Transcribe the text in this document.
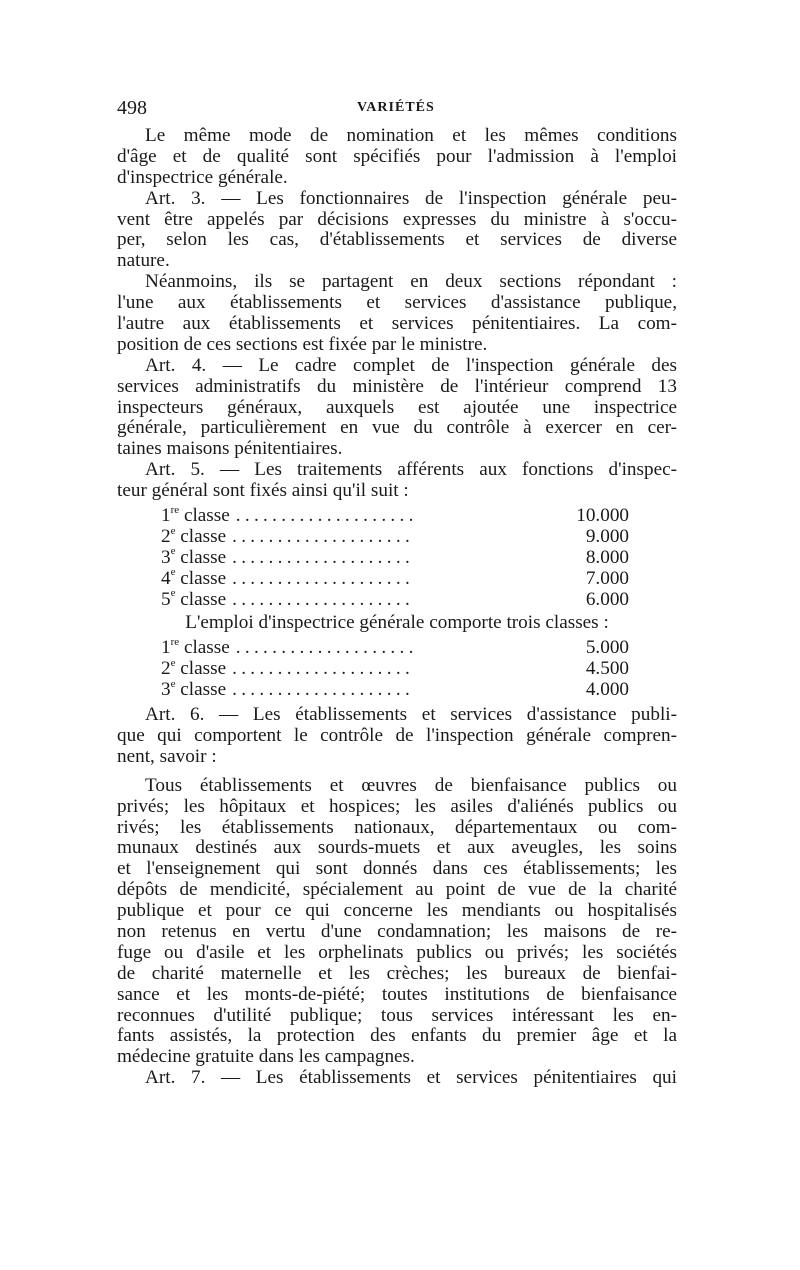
498	VARIÉTÉS
Le même mode de nomination et les mêmes conditions
d'âge et de qualité sont spécifiés pour l'admission à l'emploi
d'inspectrice générale.
Art. 3. — Les fonctionnaires de l'inspection générale peu-
vent être appelés par décisions expresses du ministre à s'occu-
per, selon les cas, d'établissements et services de diverse
nature.
Néanmoins, ils se partagent en deux sections répondant :
l'une aux établissements et services d'assistance publique,
l'autre aux établissements et services pénitentiaires. La com-
position de ces sections est fixée par le ministre.
Art. 4. — Le cadre complet de l'inspection générale des
services administratifs du ministère de l'intérieur comprend 13
inspecteurs généraux, auxquels est ajoutée une inspectrice
générale, particulièrement en vue du contrôle à exercer en cer-
taines maisons pénitentiaires.
Art. 5. — Les traitements afférents aux fonctions d'inspec-
teur général sont fixés ainsi qu'il suit :
1re classe ....................	10.000
2e classe ....................	9.000
3e classe ....................	8.000
4e classe ....................	7.000
5e classe ....................	6.000
L'emploi d'inspectrice générale comporte trois classes :
1re classe ....................	5.000
2e classe ....................	4.500
3e classe ....................	4.000
Art. 6. — Les établissements et services d'assistance publi-
que qui comportent le contrôle de l'inspection générale compren-
nent, savoir :
Tous établissements et œuvres de bienfaisance publics ou
privés; les hôpitaux et hospices; les asiles d'aliénés publics ou
rivés; les établissements nationaux, départementaux ou com-
munaux destinés aux sourds-muets et aux aveugles, les soins
et l'enseignement qui sont donnés dans ces établissements; les
dépôts de mendicité, spécialement au point de vue de la charité
publique et pour ce qui concerne les mendiants ou hospitalisés
non retenus en vertu d'une condamnation; les maisons de re-
fuge ou d'asile et les orphelinats publics ou privés; les sociétés
de charité maternelle et les crèches; les bureaux de bienfai-
sance et les monts-de-piété; toutes institutions de bienfaisance
reconnues d'utilité publique; tous services intéressant les en-
fants assistés, la protection des enfants du premier âge et la
médecine gratuite dans les campagnes.
Art. 7. — Les établissements et services pénitentiaires qui
